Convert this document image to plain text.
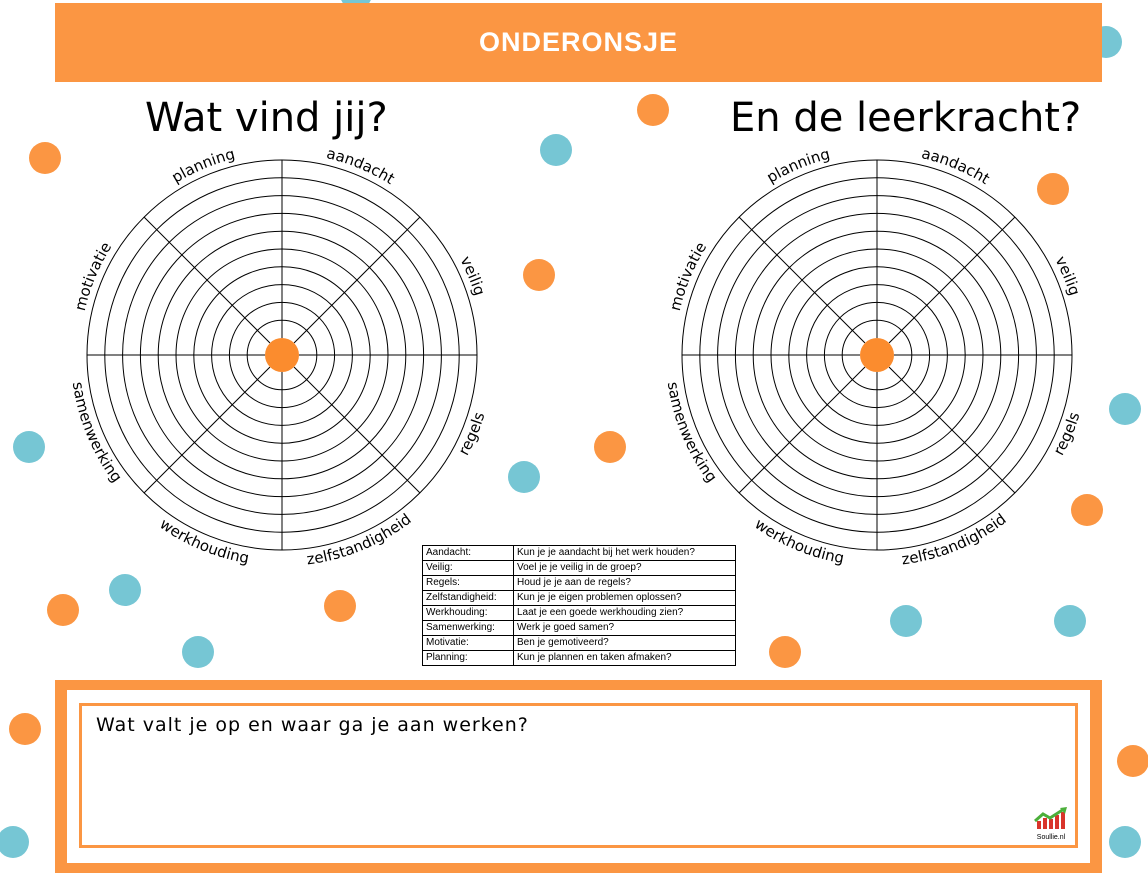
ONDERONSJE
Wat vind jij?	En de leerkracht?
aandacht
veilig
regels
zelfstandigheid
werkhouding
samenwerking
motivatie
planning	aandacht
veilig
regels
zelfstandigheid
werkhouding
samenwerking
motivatie
planning
Aandacht:	Kun je je aandacht bij het werk houden?
Veilig:	Voel je je veilig in de groep?
Regels:	Houd je je aan de regels?
Zelfstandigheid:	Kun je je eigen problemen oplossen?
Werkhouding:	Laat je een goede werkhouding zien?
Samenwerking:	Werk je goed samen?
Motivatie:	Ben je gemotiveerd?
Planning:	Kun je plannen en taken afmaken?
Wat valt je op en waar ga je aan werken?
Soullie.nl
